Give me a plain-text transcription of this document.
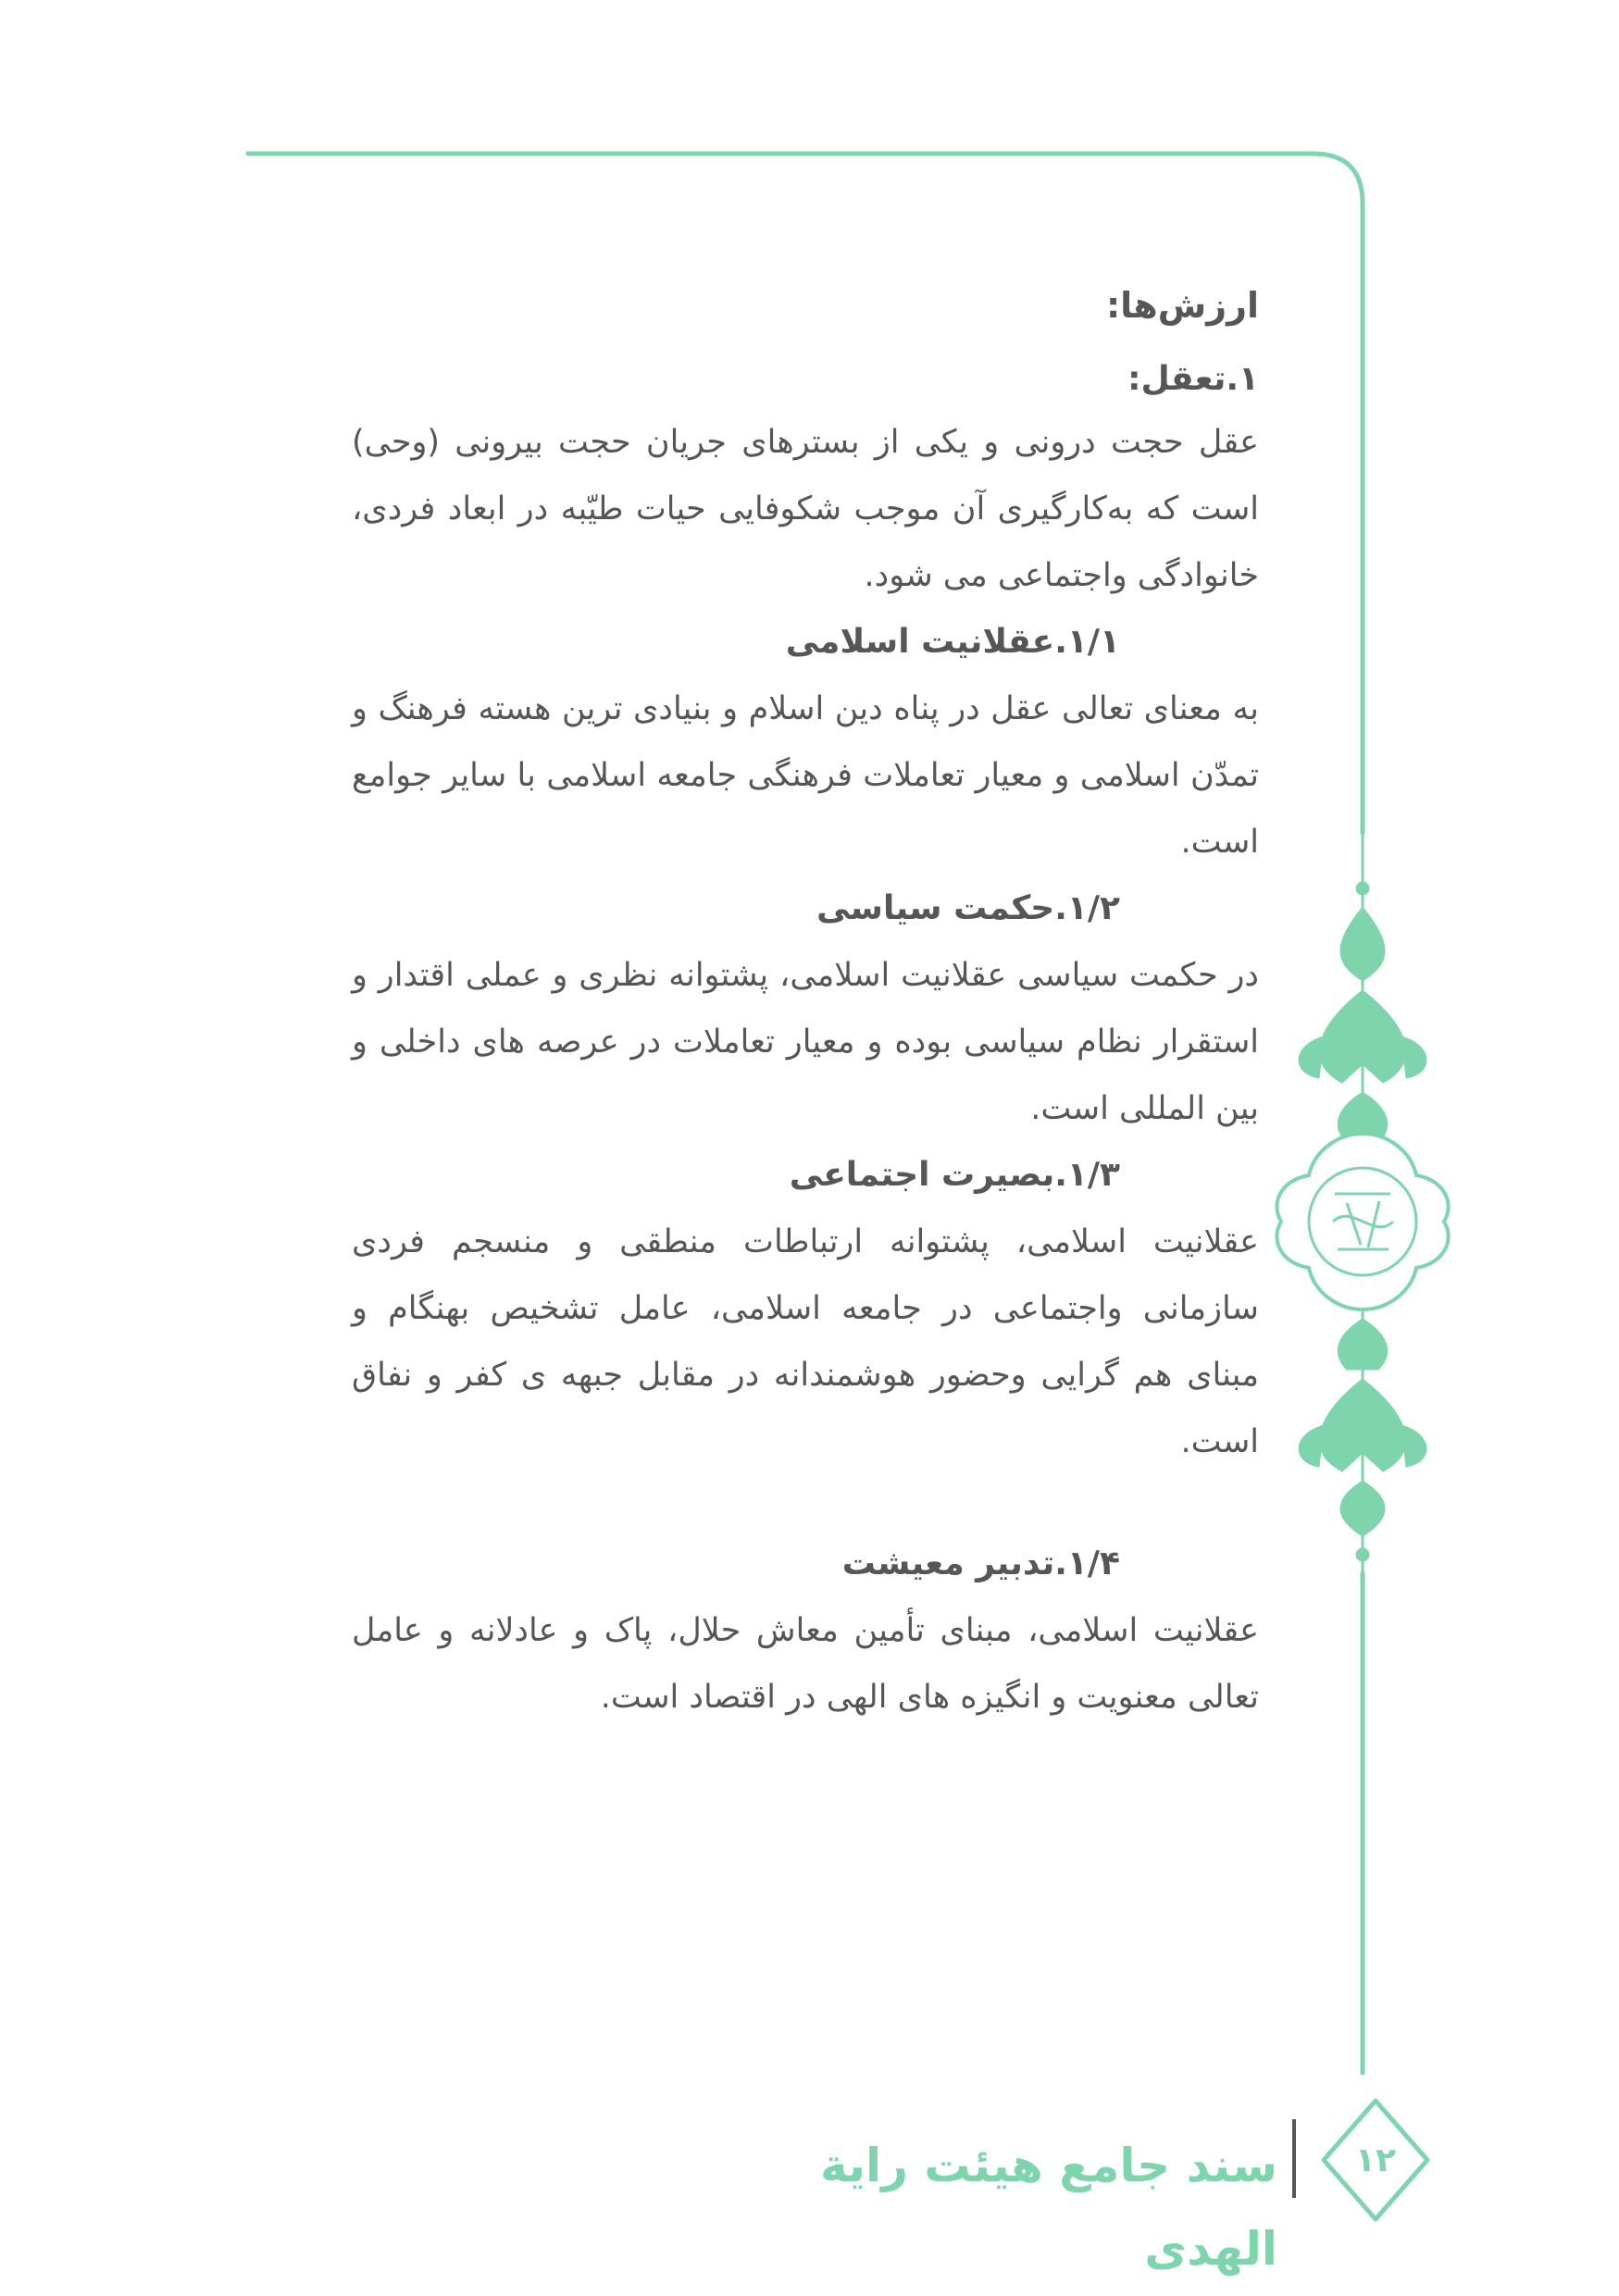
ارزش‌ها:

۱.تعقل:

عقل حجت درونی و یکی از بسترهای جریان حجت بیرونی (وحی) است که به‌کارگیری آن موجب شکوفایی حیات طیّبه در ابعاد فردی، خانوادگی واجتماعی می شود.

۱/۱.عقلانیت اسلامی

به معنای تعالی عقل در پناه دین اسلام و بنیادی ترین هسته فرهنگ و تمدّن اسلامی و معیار تعاملات فرهنگی جامعه اسلامی با سایر جوامع است.

۱/۲.حکمت سیاسی

در حکمت سیاسی عقلانیت اسلامی، پشتوانه نظری و عملی اقتدار و استقرار نظام سیاسی بوده و معیار تعاملات در عرصه های داخلی و بین المللی است.

۱/۳.بصیرت اجتماعی

عقلانیت اسلامی، پشتوانه ارتباطات منطقی و منسجم فردی سازمانی واجتماعی در جامعه اسلامی، عامل تشخیص بهنگام و مبنای هم گرایی وحضور هوشمندانه در مقابل جبهه ی کفر و نفاق است.

۱/۴.تدبیر معیشت

عقلانیت اسلامی، مبنای تأمین معاش حلال، پاک و عادلانه و عامل تعالی معنویت و انگیزه های الهی در اقتصاد است.

سند جامع هیئت رایة الهدی
۱۲
